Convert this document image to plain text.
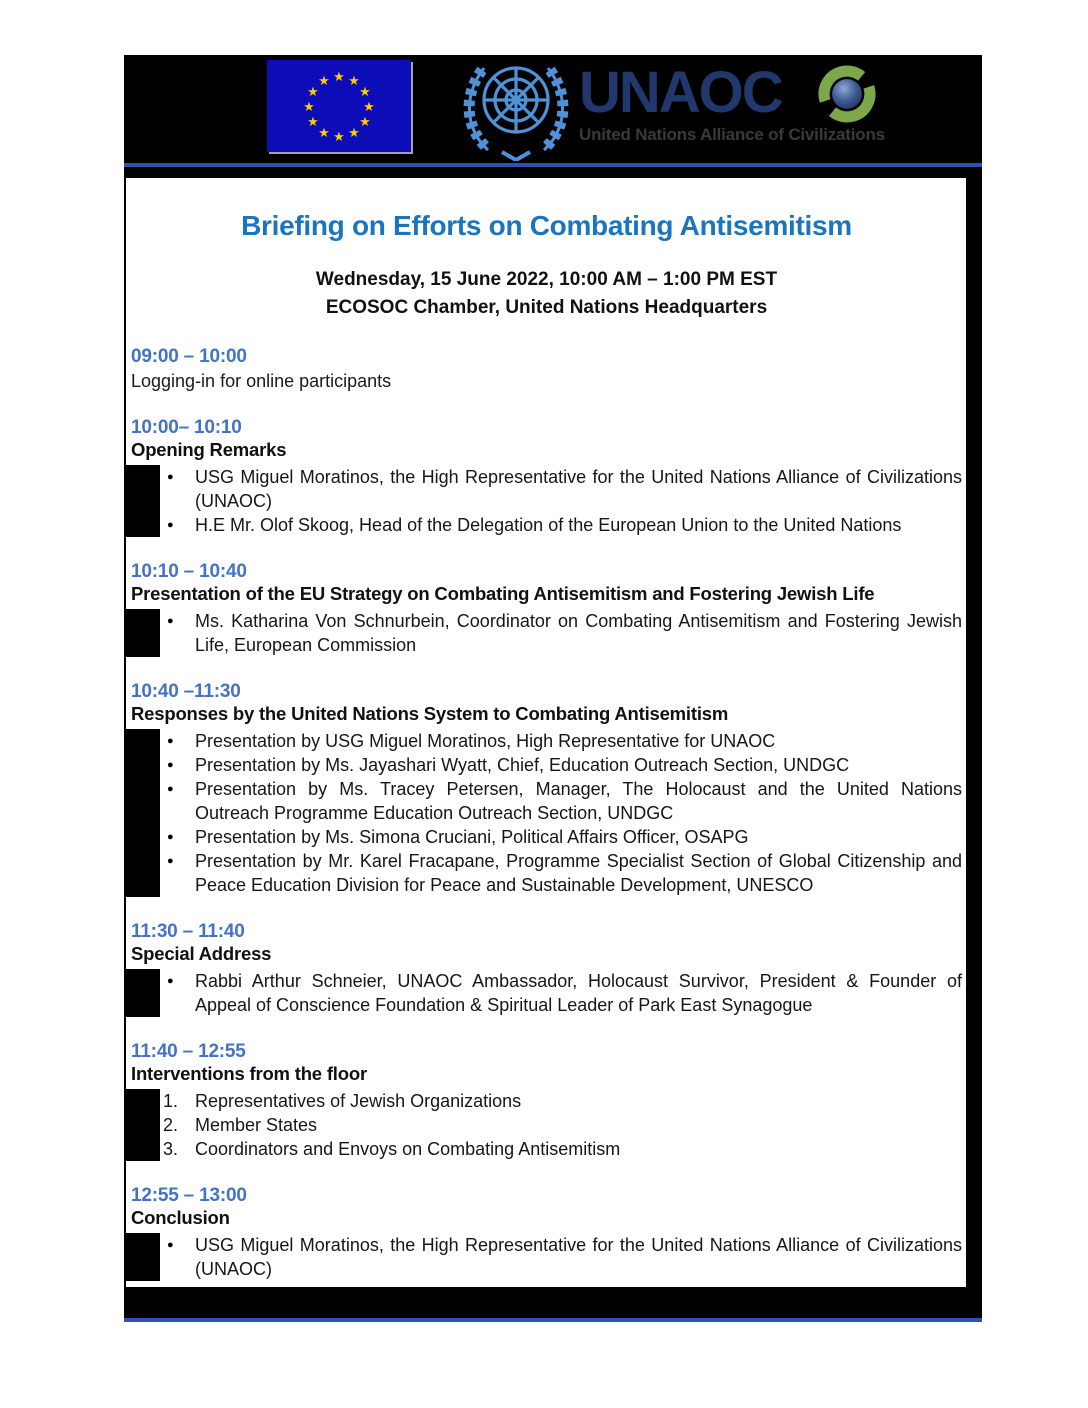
★ ★
★
★
★
★
★
★
★
★
★
★	UNAOC
United Nations Alliance of Civilizations
Briefing on Efforts on Combating Antisemitism
Wednesday, 15 June 2022, 10:00 AM – 1:00 PM EST
ECOSOC Chamber, United Nations Headquarters
09:00 – 10:00

Logging-in for online participants

10:00– 10:10
Opening Remarks
● USG Miguel Moratinos, the High Representative for the United Nations Alliance of Civilizations (UNAOC)
● H.E Mr. Olof Skoog, Head of the Delegation of the European Union to the United Nations
10:10 – 10:40
Presentation of the EU Strategy on Combating Antisemitism and Fostering Jewish Life
● Ms. Katharina Von Schnurbein, Coordinator on Combating Antisemitism and Fostering Jewish Life, European Commission
10:40 –11:30
Responses by the United Nations System to Combating Antisemitism
● Presentation by USG Miguel Moratinos, High Representative for UNAOC
● Presentation by Ms. Jayashari Wyatt, Chief, Education Outreach Section, UNDGC
● Presentation by Ms. Tracey Petersen, Manager, The Holocaust and the United Nations Outreach Programme Education Outreach Section, UNDGC
● Presentation by Ms. Simona Cruciani, Political Affairs Officer, OSAPG
● Presentation by Mr. Karel Fracapane, Programme Specialist Section of Global Citizenship and Peace Education Division for Peace and Sustainable Development, UNESCO
11:30 – 11:40
Special Address
● Rabbi Arthur Schneier, UNAOC Ambassador, Holocaust Survivor, President & Founder of Appeal of Conscience Foundation & Spiritual Leader of Park East Synagogue
11:40 – 12:55
Interventions from the floor
Representatives of Jewish Organizations
Member States
Coordinators and Envoys on Combating Antisemitism
12:55 – 13:00
Conclusion
● USG Miguel Moratinos, the High Representative for the United Nations Alliance of Civilizations (UNAOC)
